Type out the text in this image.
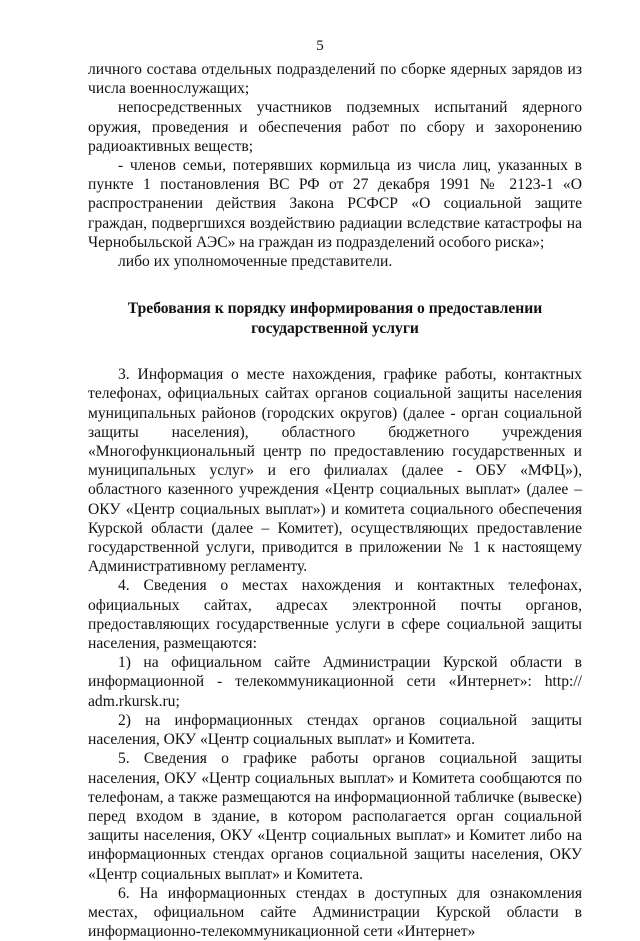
5

личного состава отдельных подразделений по сборке ядерных зарядов из числа военнослужащих;

непосредственных участников подземных испытаний ядерного оружия, проведения и обеспечения работ по сбору и захоронению радиоактивных веществ;

- членов семьи, потерявших кормильца из числа лиц, указанных в пункте 1 постановления ВС РФ от 27 декабря 1991 № 2123-1 «О распространении действия Закона РСФСР «О социальной защите граждан, подвергшихся воздействию радиации вследствие катастрофы на Чернобыльской АЭС» на граждан из подразделений особого риска»;

либо их уполномоченные представители.

Требования к порядку информирования о предоставлении государственной услуги

3. Информация о месте нахождения, графике работы, контактных телефонах, официальных сайтах органов социальной защиты населения муниципальных районов (городских округов) (далее - орган социальной защиты населения), областного бюджетного учреждения «Многофункциональный центр по предоставлению государственных и муниципальных услуг» и его филиалах (далее - ОБУ «МФЦ»), областного казенного учреждения «Центр социальных выплат» (далее – ОКУ «Центр социальных выплат») и комитета социального обеспечения Курской области (далее – Комитет), осуществляющих предоставление государственной услуги, приводится в приложении № 1 к настоящему Административному регламенту.

4. Сведения о местах нахождения и контактных телефонах, официальных сайтах, адресах электронной почты органов, предоставляющих государственные услуги в сфере социальной защиты населения, размещаются:

1) на официальном сайте Администрации Курской области в информационной - телекоммуникационной сети «Интернет»: http:// adm.rkursk.ru;

2) на информационных стендах органов социальной защиты населения, ОКУ «Центр социальных выплат» и Комитета.

5. Сведения о графике работы органов социальной защиты населения, ОКУ «Центр социальных выплат» и Комитета сообщаются по телефонам, а также размещаются на информационной табличке (вывеске) перед входом в здание, в котором располагается орган социальной защиты населения, ОКУ «Центр социальных выплат» и Комитет либо на информационных стендах органов социальной защиты населения, ОКУ «Центр социальных выплат» и Комитета.

6. На информационных стендах в доступных для ознакомления местах, официальном сайте Администрации Курской области в информационно-телекоммуникационной сети «Интернет»
